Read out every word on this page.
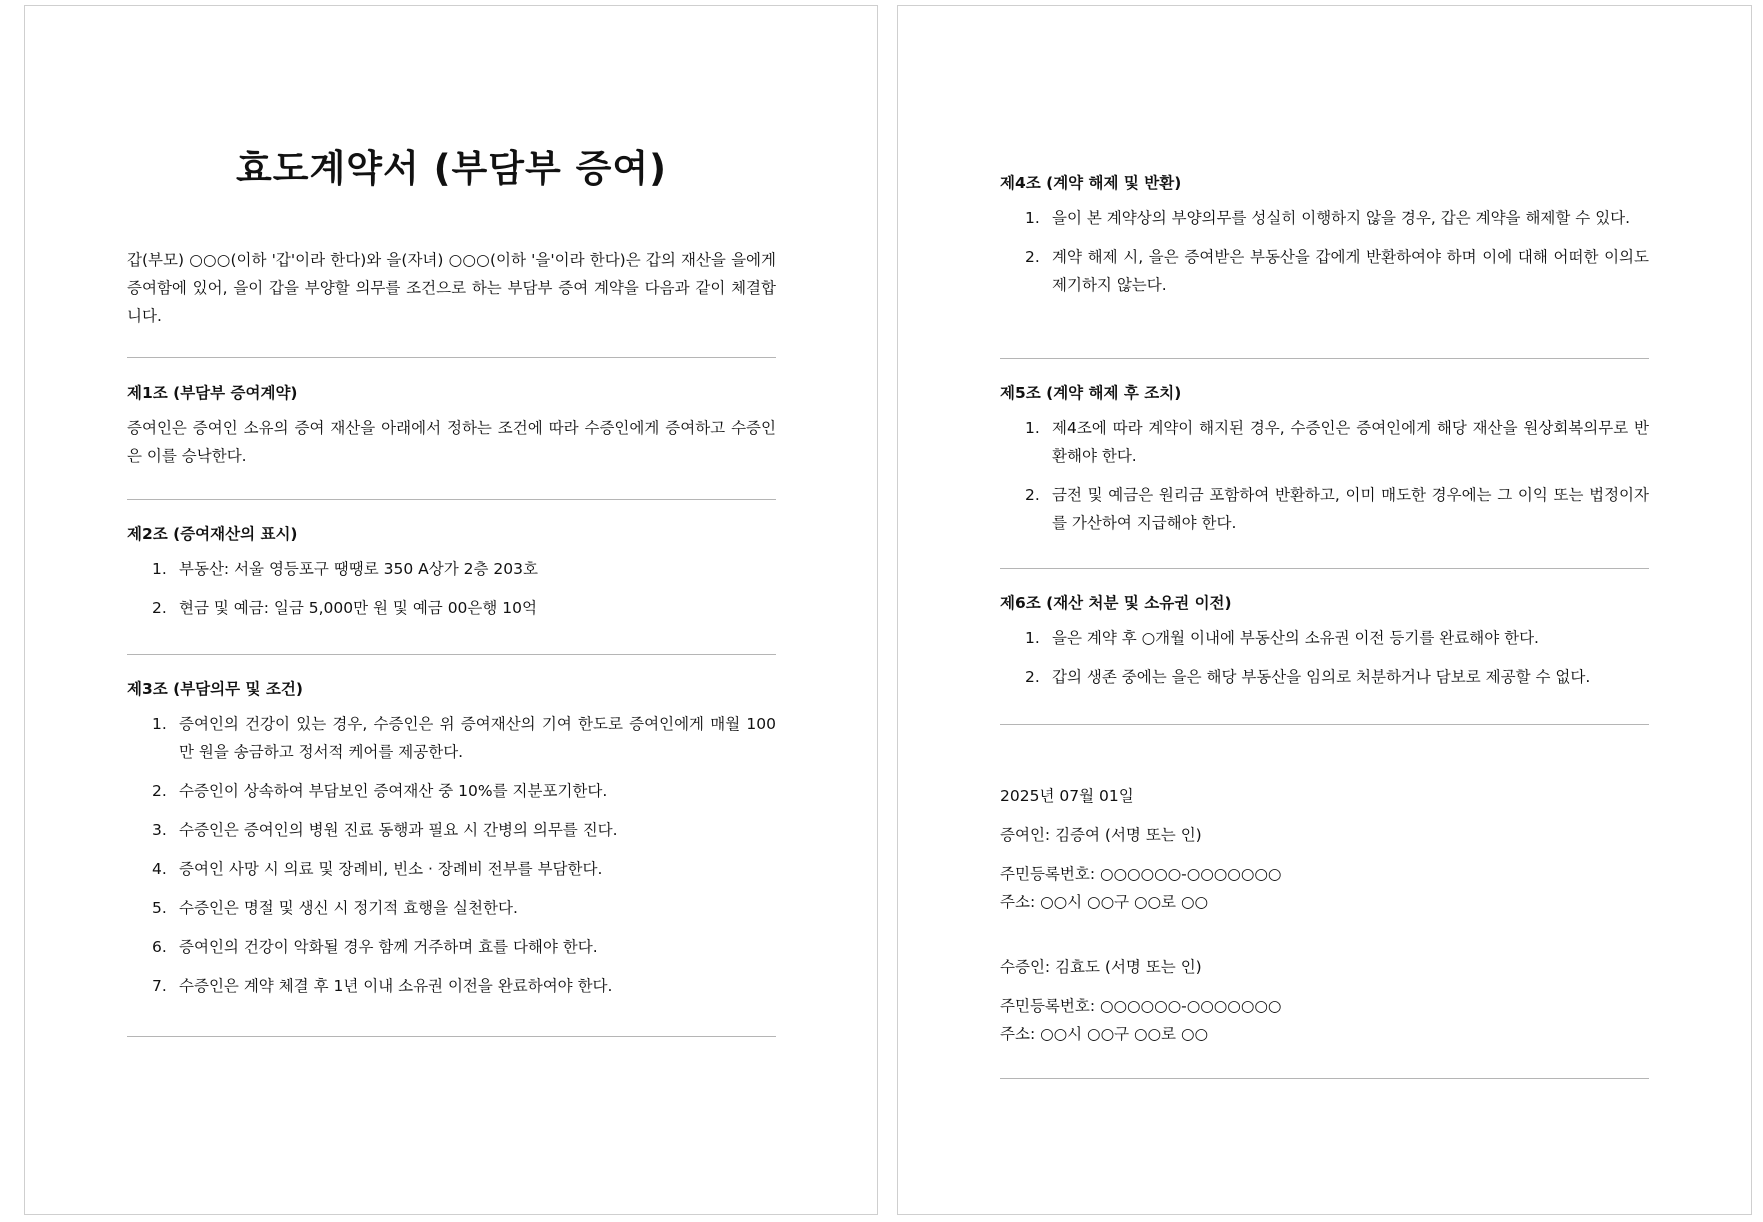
효도계약서 (부담부 증여)

갑(부모) ○○○(이하 '갑'이라 한다)와 을(자녀) ○○○(이하 '을'이라 한다)은 갑의 재산을 을에게 증여함에 있어, 을이 갑을 부양할 의무를 조건으로 하는 부담부 증여 계약을 다음과 같이 체결합니다.

제1조 (부담부 증여계약)

증여인은 증여인 소유의 증여 재산을 아래에서 정하는 조건에 따라 수증인에게 증여하고 수증인은 이를 승낙한다.

제2조 (증여재산의 표시)

1. 부동산: 서울 영등포구 땡땡로 350 A상가 2층 203호
2. 현금 및 예금: 일금 5,000만 원 및 예금 00은행 10억

제3조 (부담의무 및 조건)

1. 증여인의 건강이 있는 경우, 수증인은 위 증여재산의 기여 한도로 증여인에게 매월 100만 원을 송금하고 정서적 케어를 제공한다.
2. 수증인이 상속하여 부담보인 증여재산 중 10%를 지분포기한다.
3. 수증인은 증여인의 병원 진료 동행과 필요 시 간병의 의무를 진다.
4. 증여인 사망 시 의료 및 장례비, 빈소 · 장례비 전부를 부담한다.
5. 수증인은 명절 및 생신 시 정기적 효행을 실천한다.
6. 증여인의 건강이 악화될 경우 함께 거주하며 효를 다해야 한다.
7. 수증인은 계약 체결 후 1년 이내 소유권 이전을 완료하여야 한다.

제4조 (계약 해제 및 반환)

1. 을이 본 계약상의 부양의무를 성실히 이행하지 않을 경우, 갑은 계약을 해제할 수 있다.
2. 계약 해제 시, 을은 증여받은 부동산을 갑에게 반환하여야 하며 이에 대해 어떠한 이의도 제기하지 않는다.

제5조 (계약 해제 후 조치)

1. 제4조에 따라 계약이 해지된 경우, 수증인은 증여인에게 해당 재산을 원상회복의무로 반환해야 한다.
2. 금전 및 예금은 원리금 포함하여 반환하고, 이미 매도한 경우에는 그 이익 또는 법정이자를 가산하여 지급해야 한다.

제6조 (재산 처분 및 소유권 이전)

1. 을은 계약 후 ○개월 이내에 부동산의 소유권 이전 등기를 완료해야 한다.
2. 갑의 생존 중에는 을은 해당 부동산을 임의로 처분하거나 담보로 제공할 수 없다.

2025년 07월 01일

증여인: 김증여 (서명 또는 인)

주민등록번호: ○○○○○○-○○○○○○○

주소: ○○시 ○○구 ○○로 ○○

수증인: 김효도 (서명 또는 인)

주민등록번호: ○○○○○○-○○○○○○○

주소: ○○시 ○○구 ○○로 ○○
